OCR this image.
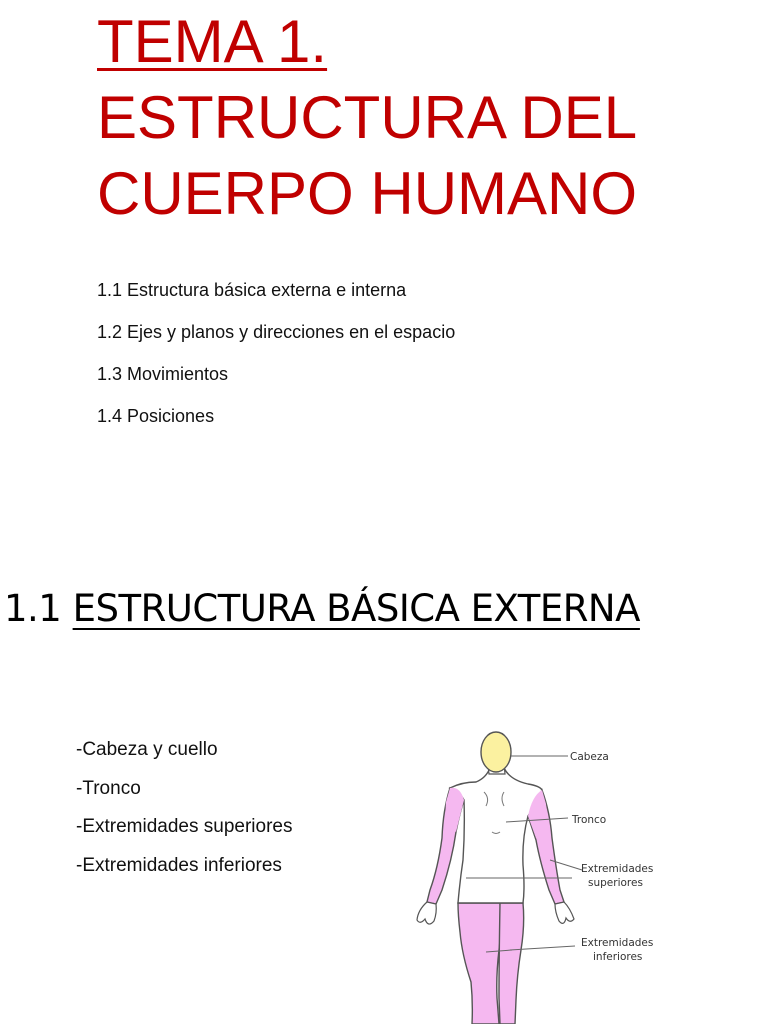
TEMA 1.
ESTRUCTURA DEL
CUERPO HUMANO
1.1 Estructura básica externa e interna
1.2 Ejes y planos y direcciones en el espacio
1.3 Movimientos
1.4 Posiciones
1.1 ESTRUCTURA BÁSICA EXTERNA
-Cabeza y cuello
-Tronco
-Extremidades superiores
-Extremidades inferiores
Cabeza
Tronco
Extremidades
superiores
Extremidades
inferiores
